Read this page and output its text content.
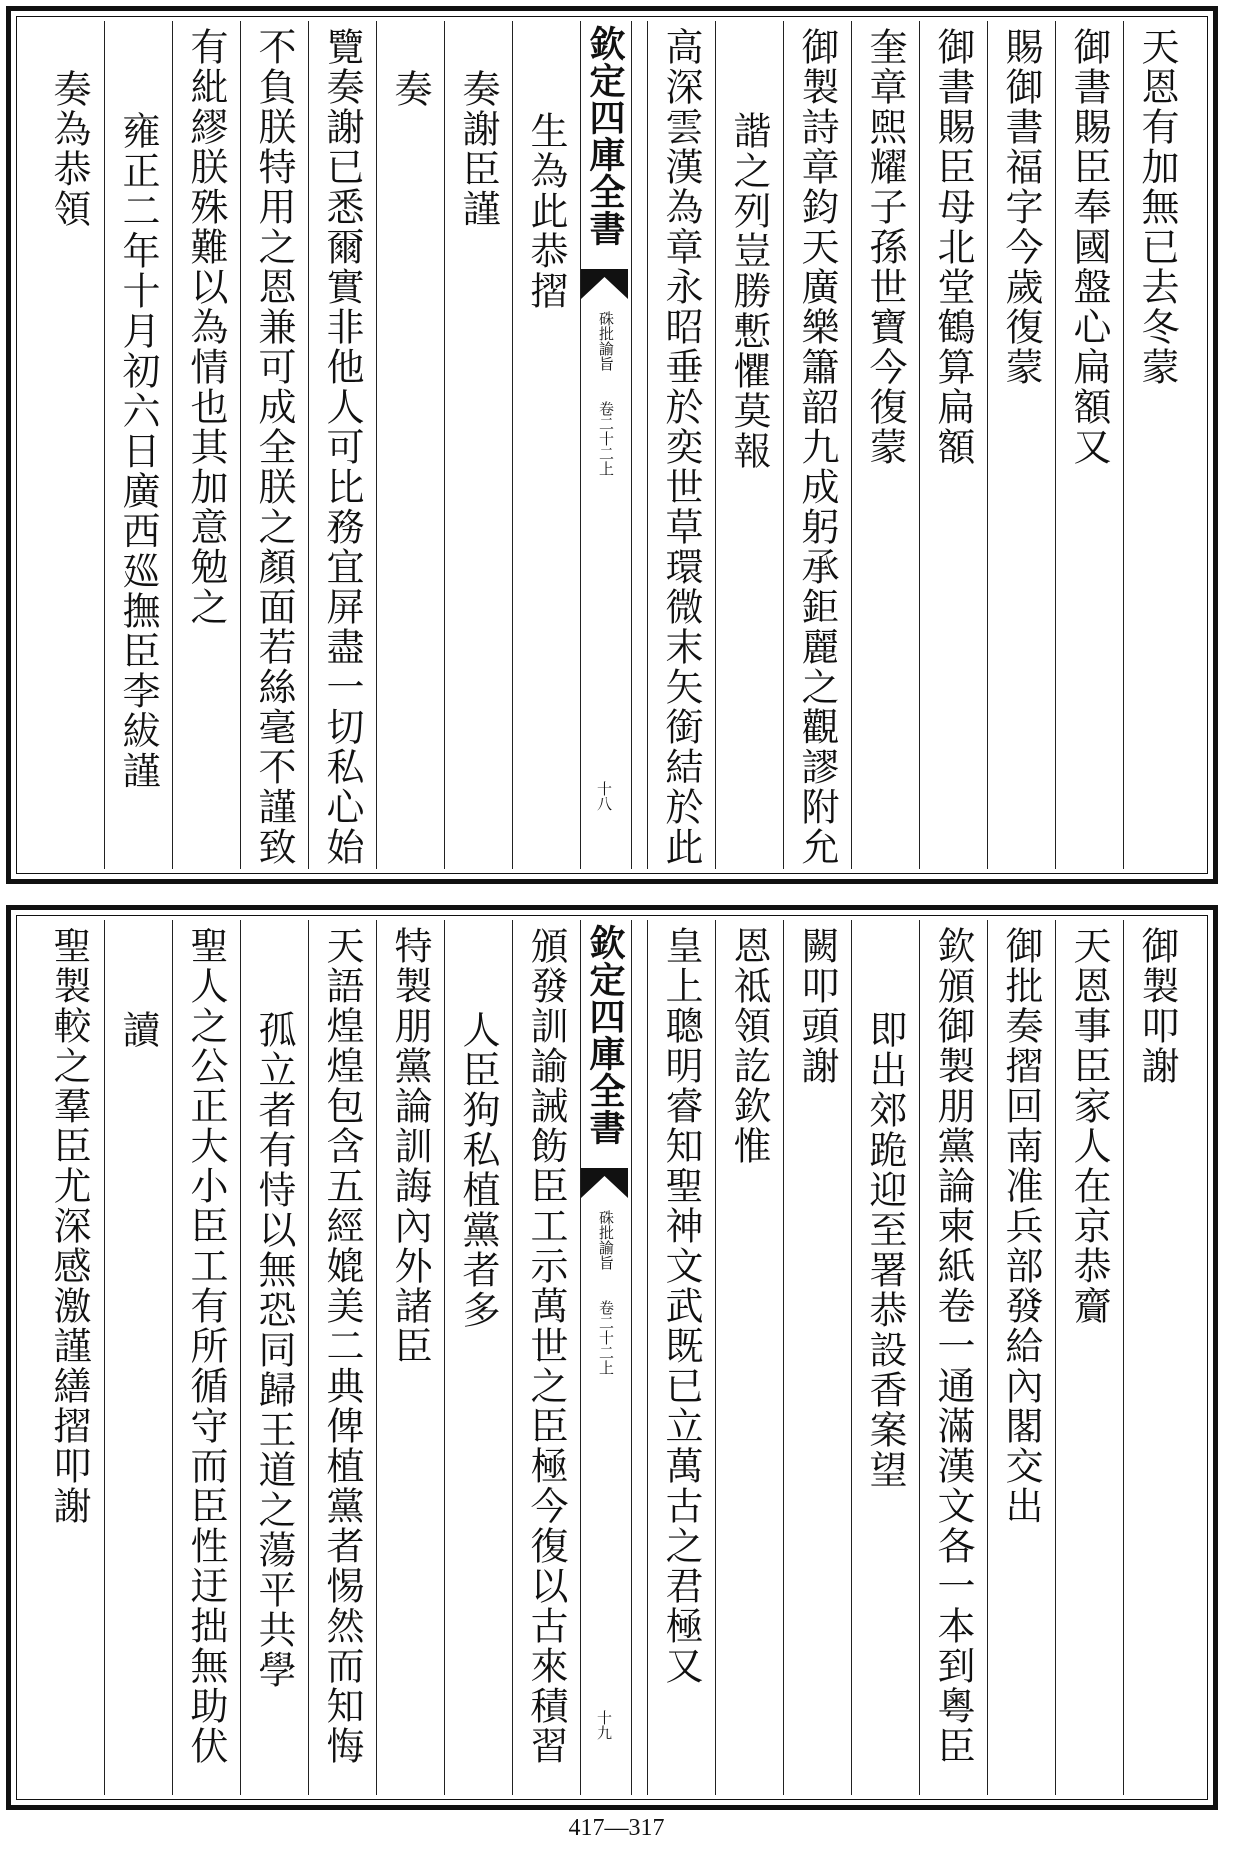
天恩有加無已去冬蒙
御書賜臣奉國盤心扁額又
賜御書福字今歲復蒙
御書賜臣母北堂鶴算扁額
奎章煕耀子孫世寶今復蒙
御製詩章鈞天廣樂簫韶九成躬承鉅麗之觀謬附允
諧之列豈勝慙懼莫報
高深雲漢為章永昭垂於奕世草環微末矢銜結於此
欽定四庫全書
硃批諭旨
卷二十二上
十八
生為此恭摺
奏謝臣謹
奏
覽奏謝已悉爾實非他人可比務宜屏盡一切私心始
不負朕特用之恩兼可成全朕之顏面若絲毫不謹致
有紕繆朕殊難以為情也其加意勉之
雍正二年十月初六日廣西廵撫臣李紱謹
奏為恭領
御製叩謝
天恩事臣家人在京恭齎
御批奏摺回南准兵部發給內閣交出
欽頒御製朋黨論柬紙卷一通滿漢文各一本到粵臣
即出郊跪迎至署恭設香案望
闕叩頭謝
恩祗領訖欽惟
皇上聰明睿知聖神文武既已立萬古之君極又
欽定四庫全書
硃批諭旨
卷二十二上
十九
頒發訓諭誡飭臣工示萬世之臣極今復以古來積習
人臣狗私植黨者多
特製朋黨論訓誨內外諸臣
天語煌煌包含五經媲美二典俾植黨者惕然而知悔
孤立者有恃以無恐同歸王道之蕩平共學
聖人之公正大小臣工有所循守而臣性迂拙無助伏
讀
聖製較之羣臣尤深感激謹繕摺叩謝
417—317
